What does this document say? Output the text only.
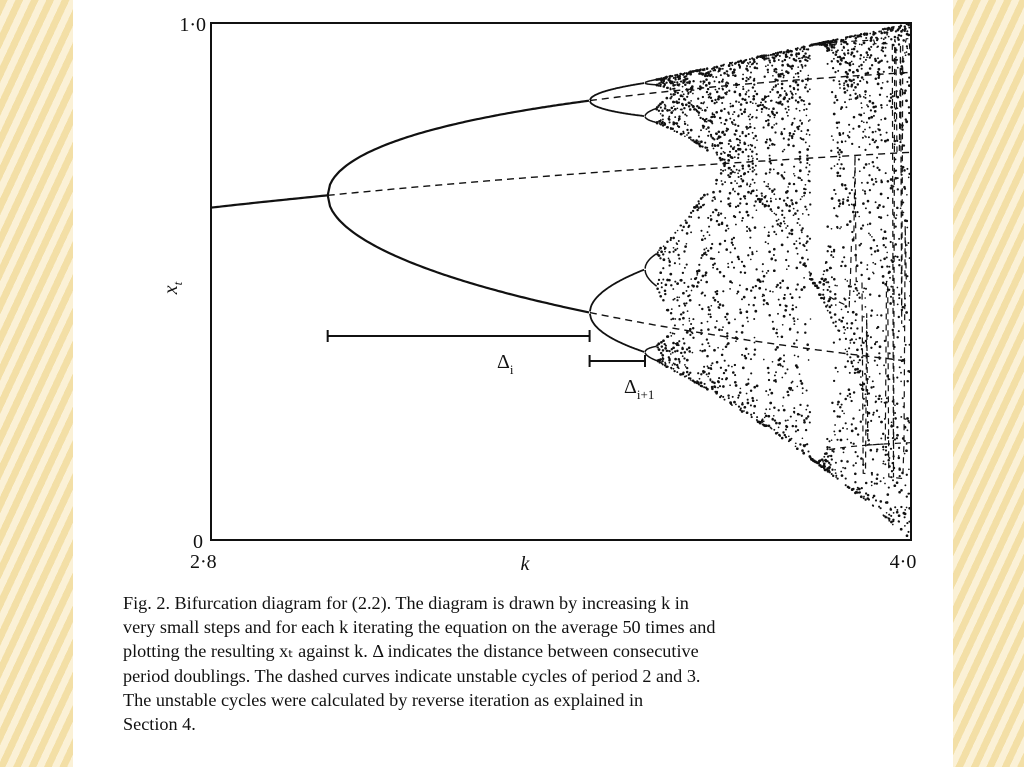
$\Delta_i$
$\Delta_{i+1}$
1·0
0
2·8	4·0
k
$x_t$

Fig. 2. Bifurcation diagram for (2.2). The diagram is drawn by increasing k in
very small steps and for each k iterating the equation on the average 50 times and
plotting the resulting xₜ against k. Δ indicates the distance between consecutive
period doublings. The dashed curves indicate unstable cycles of period 2 and 3.
The unstable cycles were calculated by reverse iteration as explained in
Section 4.
